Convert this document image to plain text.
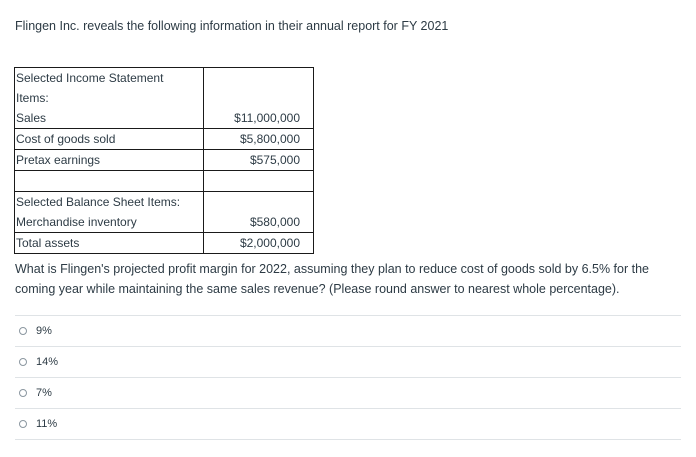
Flingen Inc. reveals the following information in their annual report for FY 2021
Selected Income Statement
Items:
Sales	$11,000,000

Cost of goods sold	$5,800,000

Pretax earnings	$575,000

Selected Balance Sheet Items:
Merchandise inventory	$580,000

Total assets	$2,000,000
What is Flingen's projected profit margin for 2022, assuming they plan to reduce cost of goods sold by 6.5% for the coming year while maintaining the same sales revenue? (Please round answer to nearest whole percentage).
9%
14%
7%
11%
